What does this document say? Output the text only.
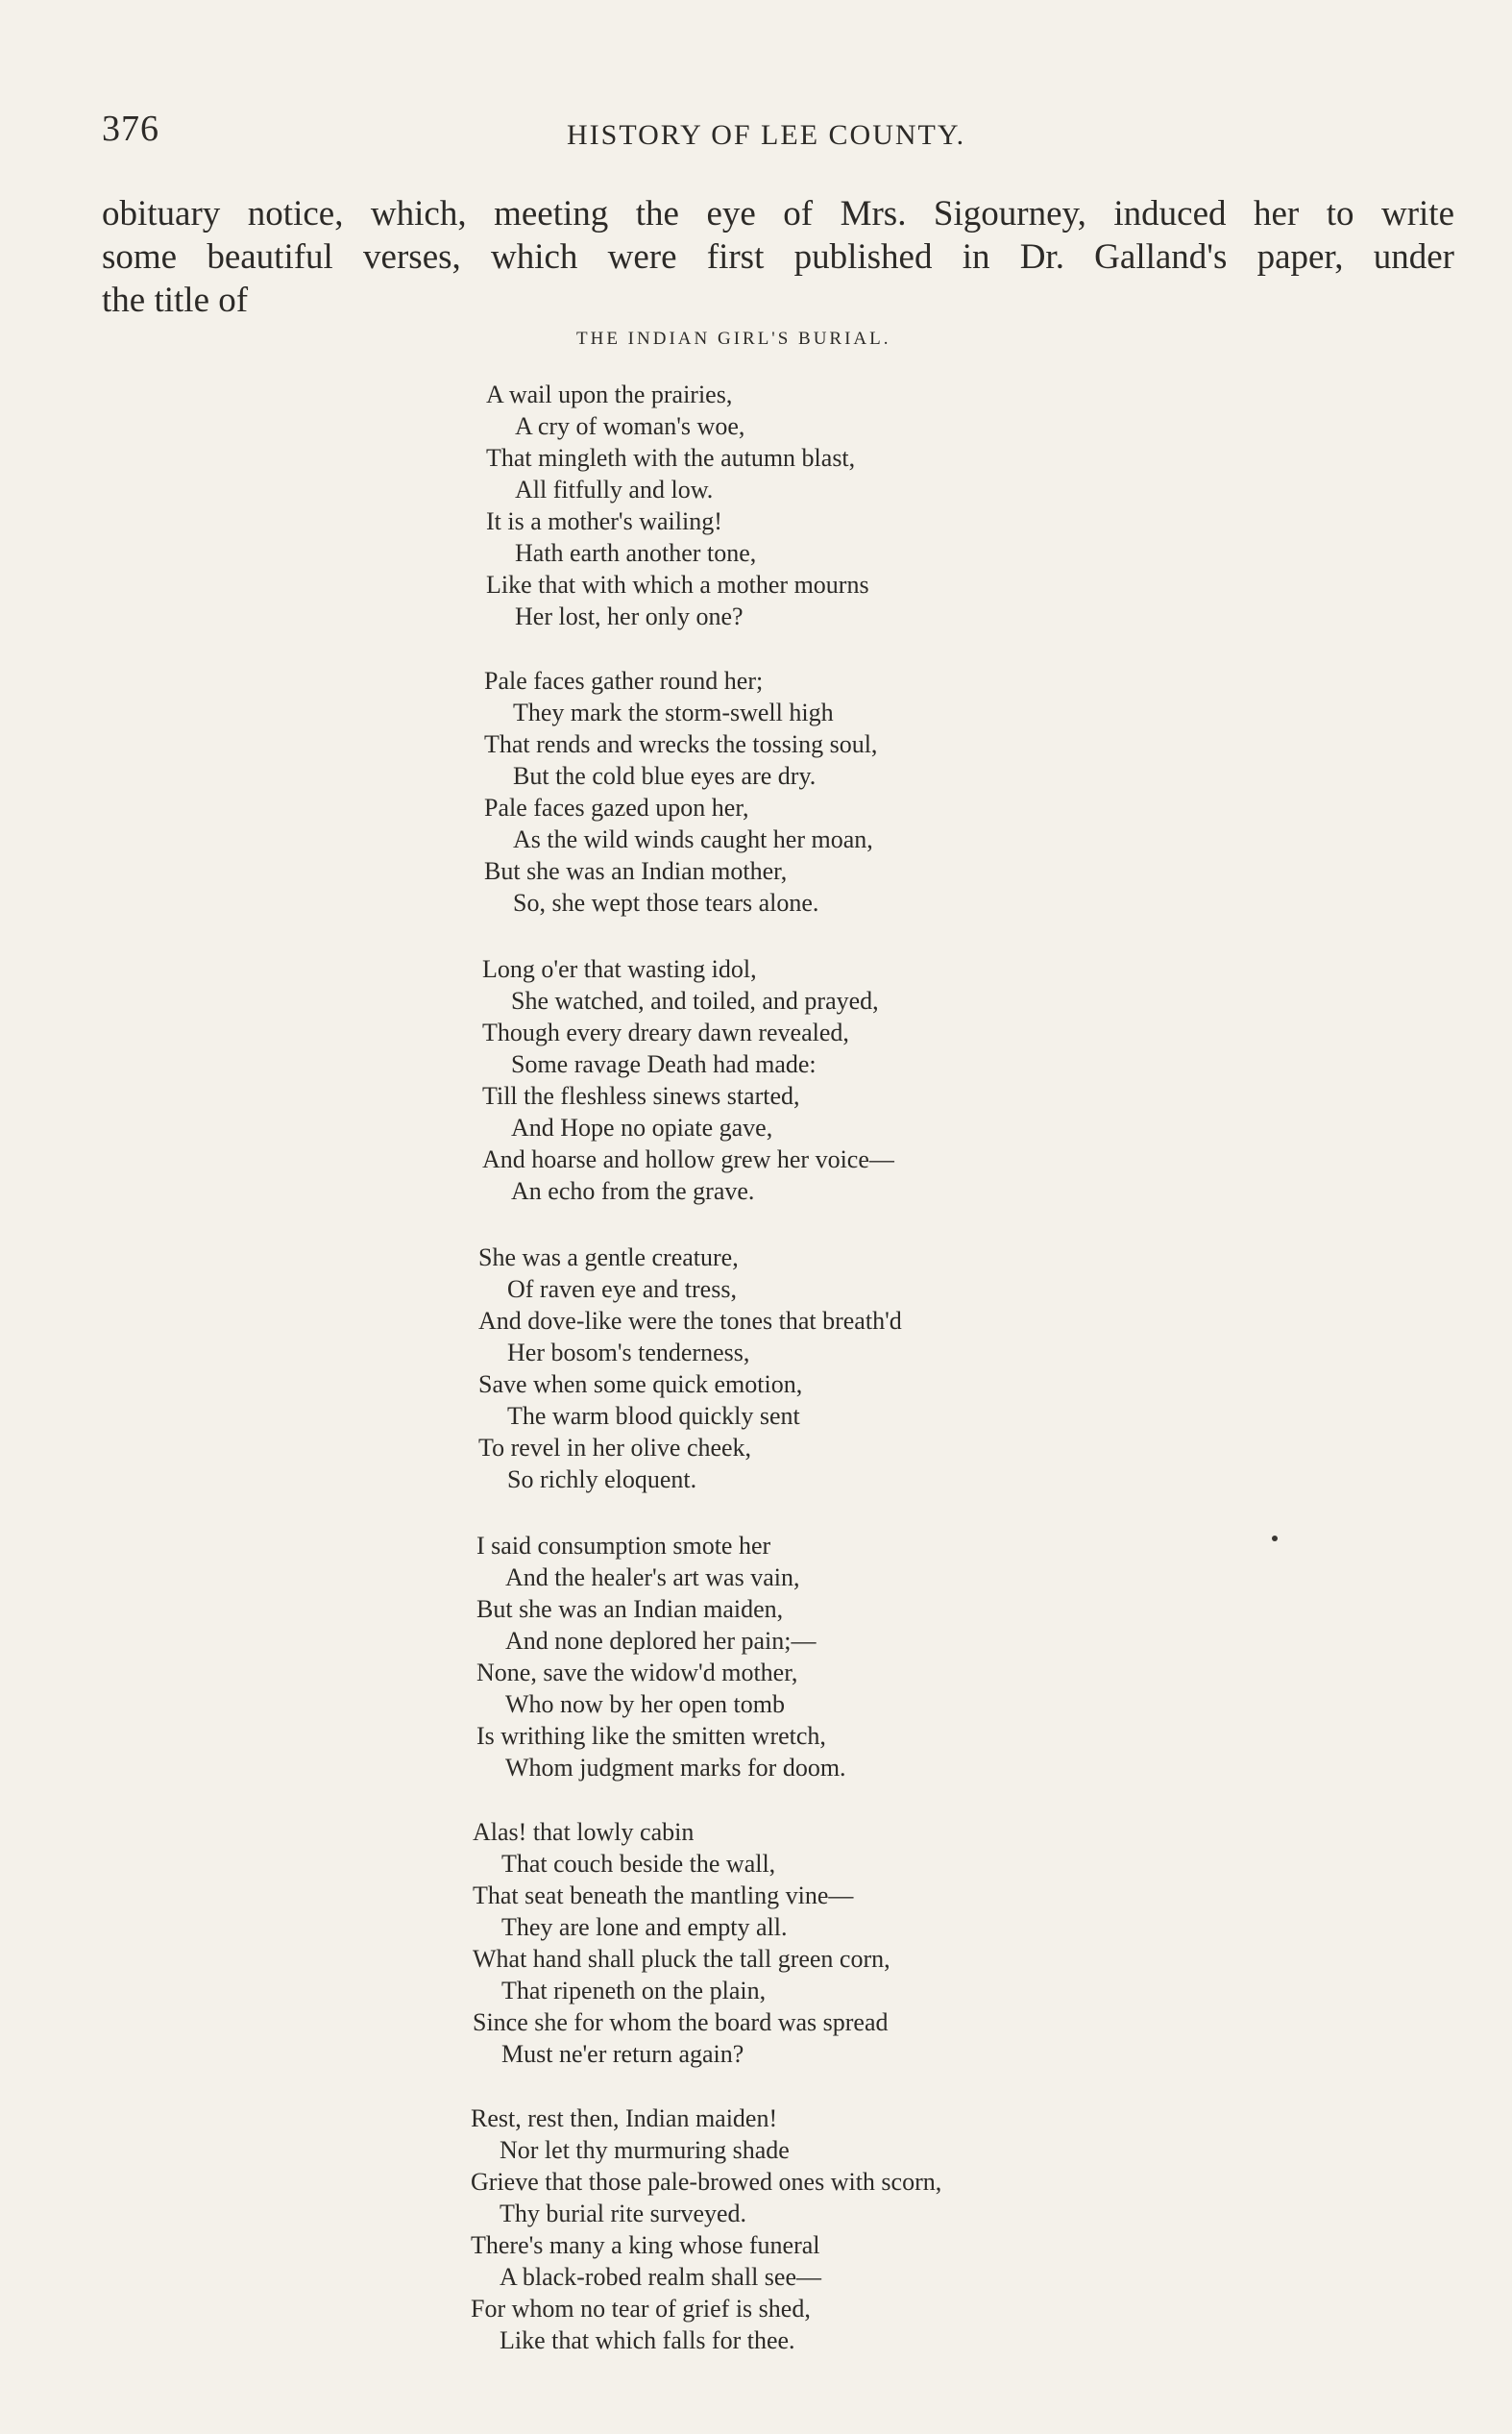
376	HISTORY OF LEE COUNTY.
obituary notice, which, meeting the eye of Mrs. Sigourney, induced her to write
some beautiful verses, which were first published in Dr. Galland's paper, under
the title of
THE INDIAN GIRL'S BURIAL.
A wail upon the prairies,
A cry of woman's woe,
That mingleth with the autumn blast,
All fitfully and low.
It is a mother's wailing!
Hath earth another tone,
Like that with which a mother mourns
Her lost, her only one?
Pale faces gather round her;
They mark the storm-swell high
That rends and wrecks the tossing soul,
But the cold blue eyes are dry.
Pale faces gazed upon her,
As the wild winds caught her moan,
But she was an Indian mother,
So, she wept those tears alone.
Long o'er that wasting idol,
She watched, and toiled, and prayed,
Though every dreary dawn revealed,
Some ravage Death had made:
Till the fleshless sinews started,
And Hope no opiate gave,
And hoarse and hollow grew her voice—
An echo from the grave.
She was a gentle creature,
Of raven eye and tress,
And dove-like were the tones that breath'd
Her bosom's tenderness,
Save when some quick emotion,
The warm blood quickly sent
To revel in her olive cheek,
So richly eloquent.
I said consumption smote her
And the healer's art was vain,
But she was an Indian maiden,
And none deplored her pain;—
None, save the widow'd mother,
Who now by her open tomb
Is writhing like the smitten wretch,
Whom judgment marks for doom.
Alas! that lowly cabin
That couch beside the wall,
That seat beneath the mantling vine—
They are lone and empty all.
What hand shall pluck the tall green corn,
That ripeneth on the plain,
Since she for whom the board was spread
Must ne'er return again?
Rest, rest then, Indian maiden!
Nor let thy murmuring shade
Grieve that those pale-browed ones with scorn,
Thy burial rite surveyed.
There's many a king whose funeral
A black-robed realm shall see—
For whom no tear of grief is shed,
Like that which falls for thee.
